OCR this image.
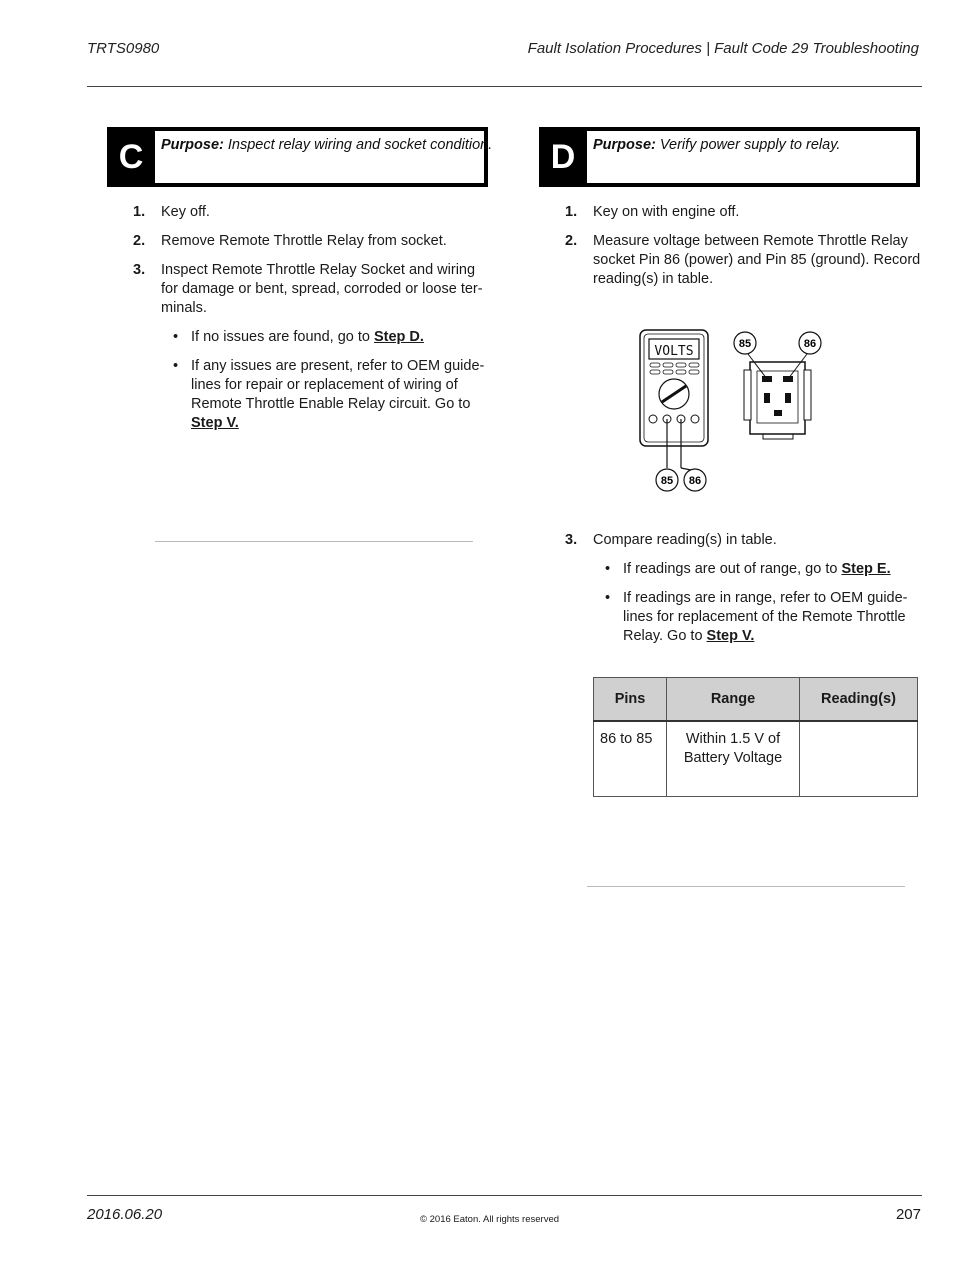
TRTS0980	Fault Isolation Procedures | Fault Code 29 Troubleshooting
C	Purpose: Inspect relay wiring and socket condition.
1. Key off.
2. Remove Remote Throttle Relay from socket.
3. Inspect Remote Throttle Relay Socket and wiring
for damage or bent, spread, corroded or loose ter-
minals.
• If no issues are found, go to Step D.
• If any issues are present, refer to OEM guide-
lines for repair or replacement of wiring of
Remote Throttle Enable Relay circuit. Go to
Step V.
D	Purpose: Verify power supply to relay.
1. Key on with engine off.
2. Measure voltage between Remote Throttle Relay
socket Pin 86 (power) and Pin 85 (ground). Record
reading(s) in table.
VOLTS
85 86
85	86
3. Compare reading(s) in table.
• If readings are out of range, go to Step E.
• If readings are in range, refer to OEM guide-
lines for replacement of the Remote Throttle
Relay. Go to Step V.
Pins	Range	Reading(s)
86 to 85	Within 1.5 V of
Battery Voltage	
2016.06.20	© 2016 Eaton. All rights reserved	207
